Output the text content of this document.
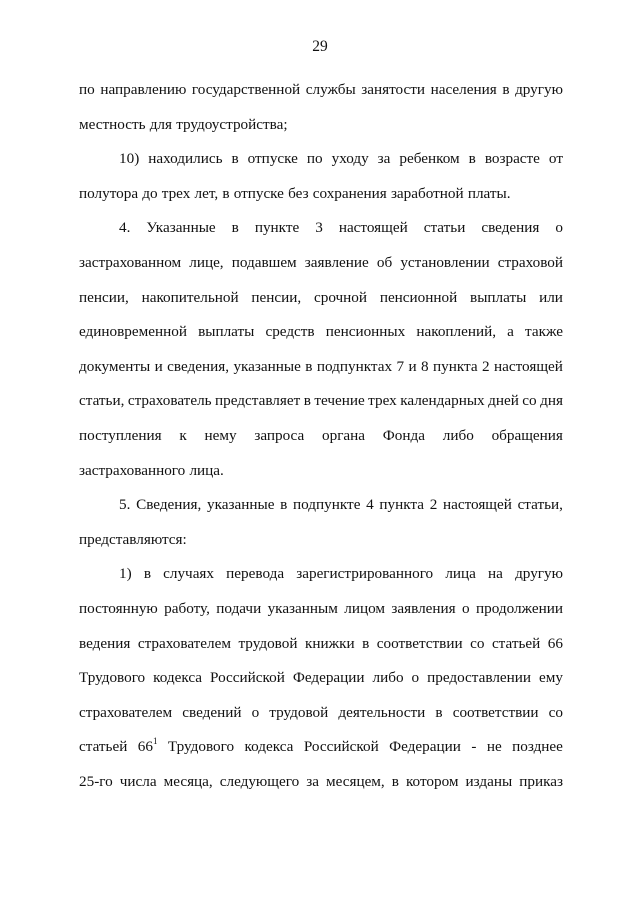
29
по направлению государственной службы занятости населения в другую
местность для трудоустройства;
10) находились в отпуске по уходу за ребенком в возрасте от
полутора до трех лет, в отпуске без сохранения заработной платы.
4. Указанные в пункте 3 настоящей статьи сведения о
застрахованном лице, подавшем заявление об установлении страховой
пенсии, накопительной пенсии, срочной пенсионной выплаты или
единовременной выплаты средств пенсионных накоплений, а также
документы и сведения, указанные в подпунктах 7 и 8 пункта 2 настоящей
статьи, страхователь представляет в течение трех календарных дней со дня
поступления к нему запроса органа Фонда либо обращения
застрахованного лица.
5. Сведения, указанные в подпункте 4 пункта 2 настоящей статьи,
представляются:
1) в случаях перевода зарегистрированного лица на другую
постоянную работу, подачи указанным лицом заявления о продолжении
ведения страхователем трудовой книжки в соответствии со статьей 66
Трудового кодекса Российской Федерации либо о предоставлении ему
страхователем сведений о трудовой деятельности в соответствии со
статьей $66^1$ Трудового кодекса Российской Федерации - не позднее
25-го числа месяца, следующего за месяцем, в котором изданы приказ
